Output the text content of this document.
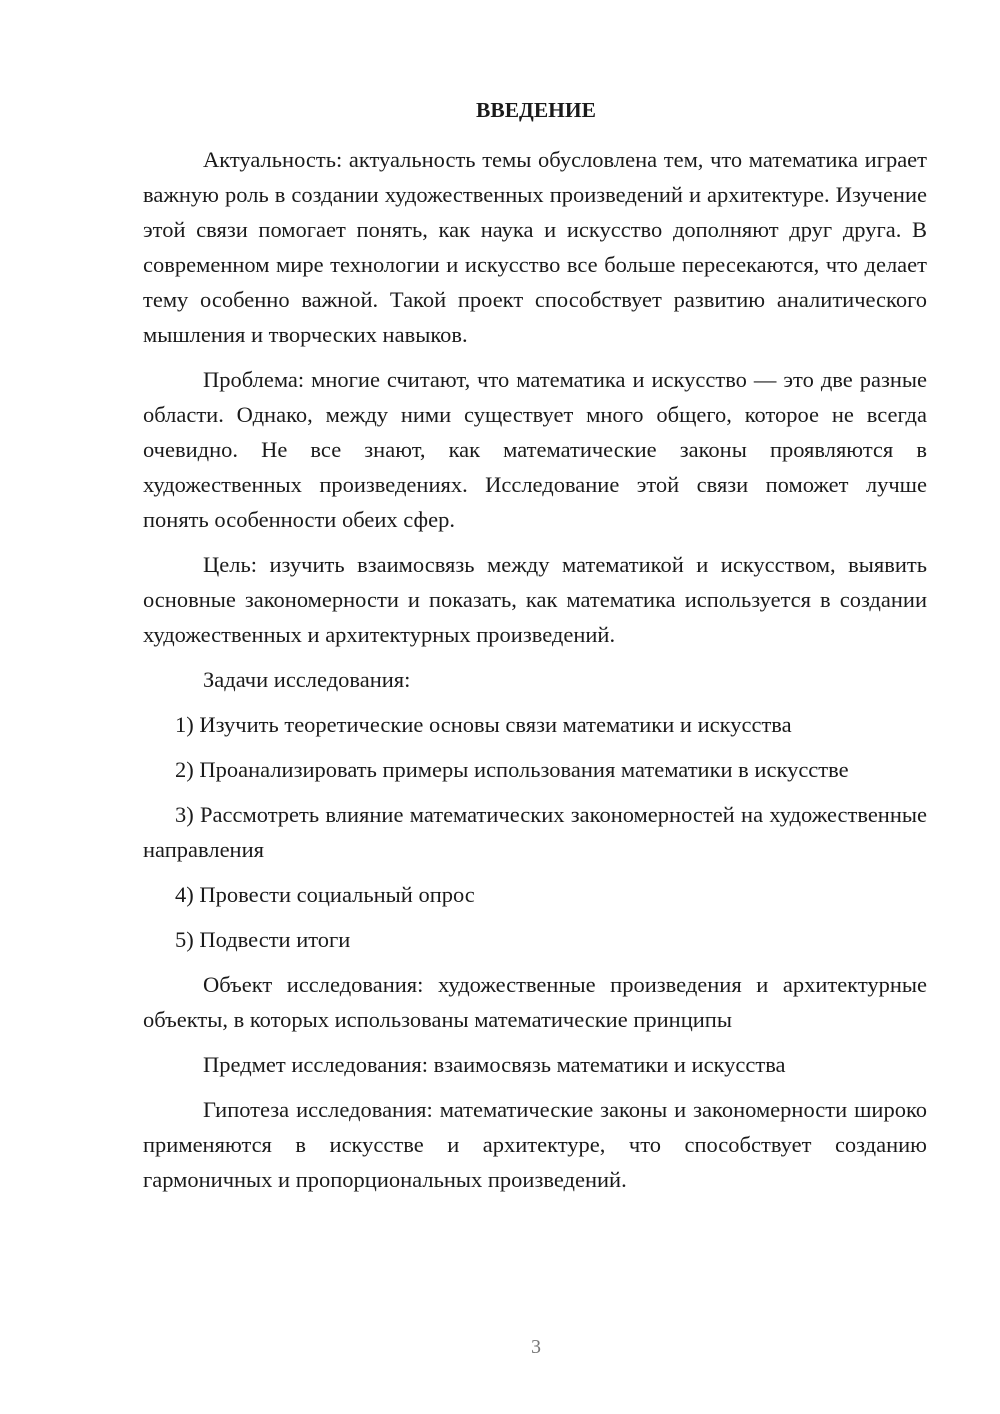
ВВЕДЕНИЕ

Актуальность: актуальность темы обусловлена тем, что математика играет важную роль в создании художественных произведений и архитектуре. Изучение этой связи помогает понять, как наука и искусство дополняют друг друга. В современном мире технологии и искусство все больше пересекаются, что делает тему особенно важной. Такой проект способствует развитию аналитического мышления и творческих навыков.

Проблема: многие считают, что математика и искусство — это две разные области. Однако, между ними существует много общего, которое не всегда очевидно. Не все знают, как математические законы проявляются в художественных произведениях. Исследование этой связи поможет лучше понять особенности обеих сфер.

Цель: изучить взаимосвязь между математикой и искусством, выявить основные закономерности и показать, как математика используется в создании художественных и архитектурных произведений.

Задачи исследования:

1) Изучить теоретические основы связи математики и искусства

2) Проанализировать примеры использования математики в искусстве

3) Рассмотреть влияние математических закономерностей на художественные направления

4) Провести социальный опрос

5) Подвести итоги

Объект исследования: художественные произведения и архитектурные объекты, в которых использованы математические принципы

Предмет исследования: взаимосвязь математики и искусства

Гипотеза исследования: математические законы и закономерности широко применяются в искусстве и архитектуре, что способствует созданию гармоничных и пропорциональных произведений.

3
